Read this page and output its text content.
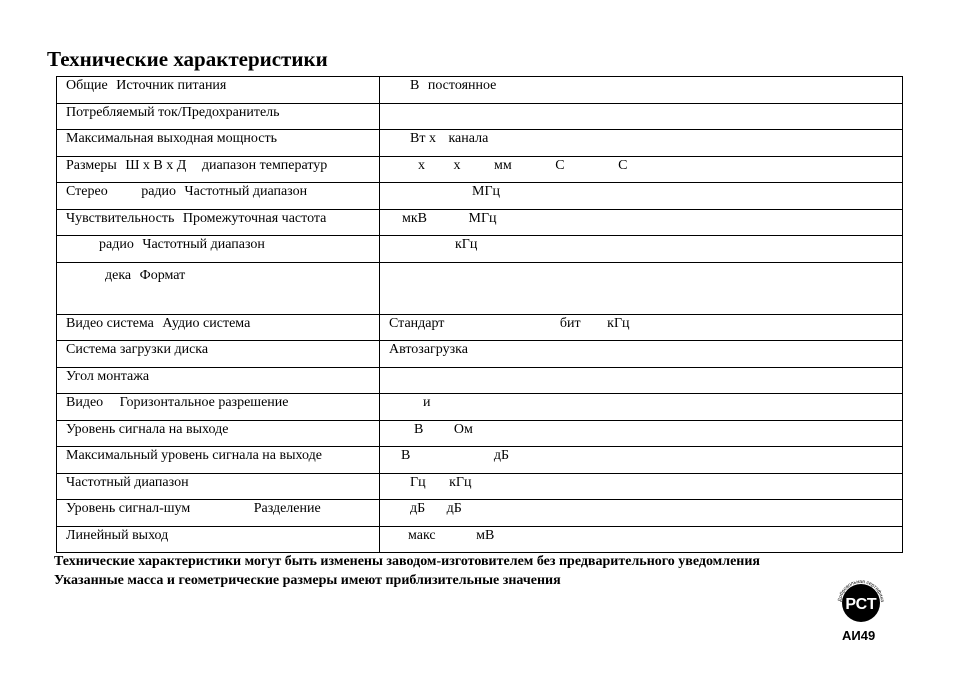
Технические характеристики
Общие Источник питания	В постоянное

Потребляемый ток/Предохранитель	

Максимальная выходная мощность	Вт х канала

Размеры Ш х В х Д диапазон температур	х х мм С С

Стерео радио Частотный диапазон	МГц

Чувствительность Промежуточная частота	мкВ МГц

радио Частотный диапазон	кГц

дека Формат	

Видео система Аудио система	Стандарт бит кГц

Система загрузки диска	Автозагрузка

Угол монтажа	

Видео Горизонтальное разрешение	и

Уровень сигнала на выходе	В Ом

Максимальный уровень сигнала на выходе	В дБ

Частотный диапазон	Гц кГц

Уровень сигнал-шум Разделение	дБ дБ

Линейный выход	макс мВ
Технические характеристики могут быть изменены заводом-изготовителем без предварительного уведомления
Указанные масса и геометрические размеры имеют приблизительные значения
Добровольная сертифика
РСТ
АИ49
